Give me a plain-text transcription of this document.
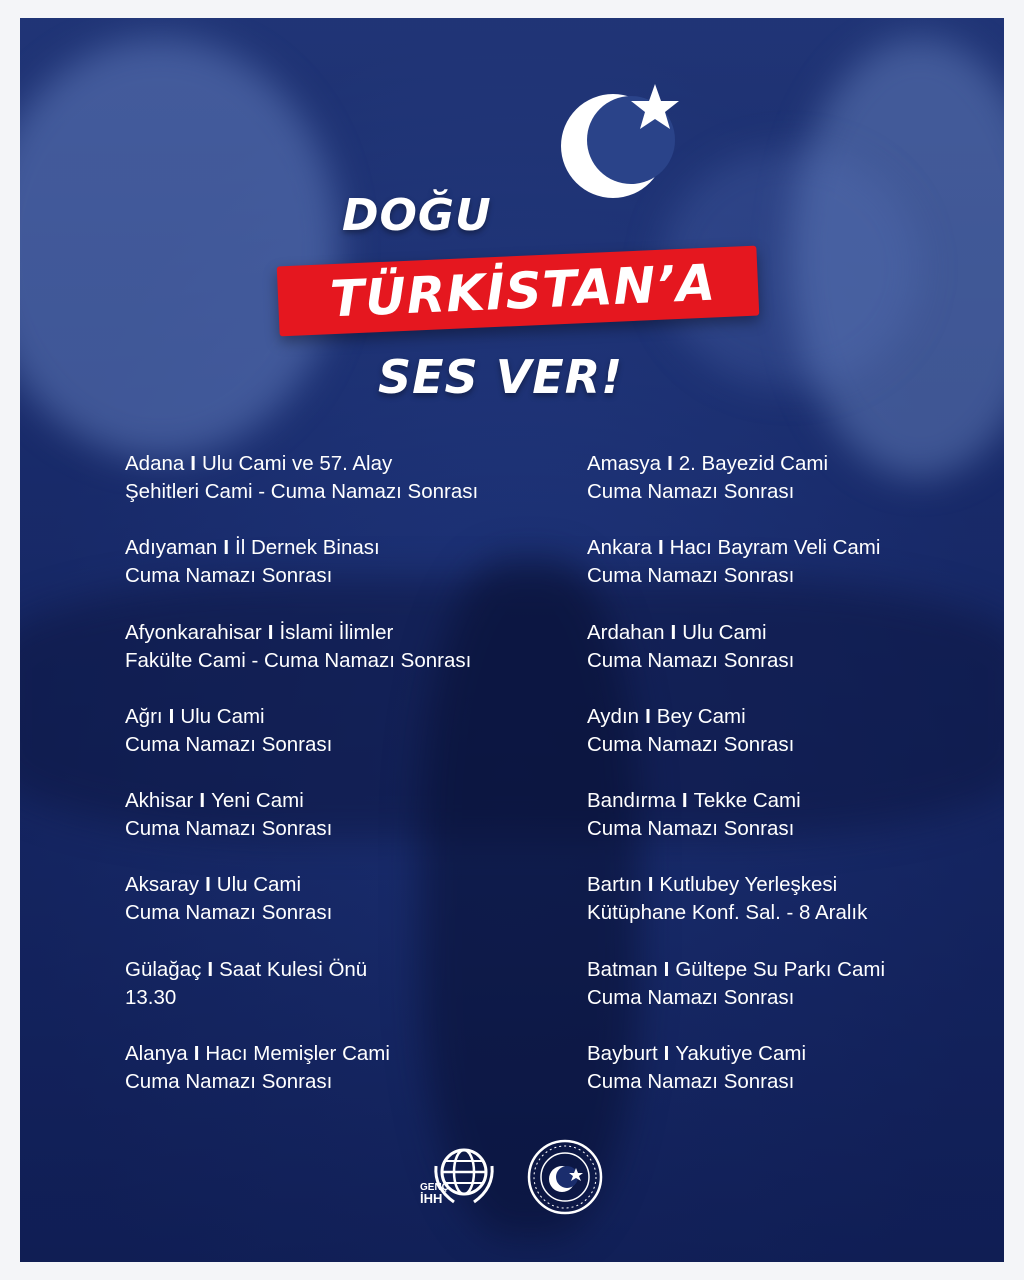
DOĞU
TÜRKİSTAN’A
SES VER!
Adana I Ulu Cami ve 57. Alay
Şehitleri Cami - Cuma Namazı Sonrası
Adıyaman I İl Dernek Binası
Cuma Namazı Sonrası
Afyonkarahisar I İslami İlimler
Fakülte Cami - Cuma Namazı Sonrası
Ağrı I Ulu Cami
Cuma Namazı Sonrası
Akhisar I Yeni Cami
Cuma Namazı Sonrası
Aksaray I Ulu Cami
Cuma Namazı Sonrası
Gülağaç I Saat Kulesi Önü
13.30
Alanya I Hacı Memişler Cami
Cuma Namazı Sonrası
Amasya I 2. Bayezid Cami
Cuma Namazı Sonrası
Ankara I Hacı Bayram Veli Cami
Cuma Namazı Sonrası
Ardahan I Ulu Cami
Cuma Namazı Sonrası
Aydın I Bey Cami
Cuma Namazı Sonrası
Bandırma I Tekke Cami
Cuma Namazı Sonrası
Bartın I Kutlubey Yerleşkesi
Kütüphane Konf. Sal. - 8 Aralık
Batman I Gültepe Su Parkı Cami
Cuma Namazı Sonrası
Bayburt I Yakutiye Cami
Cuma Namazı Sonrası
GENÇ
İHH
